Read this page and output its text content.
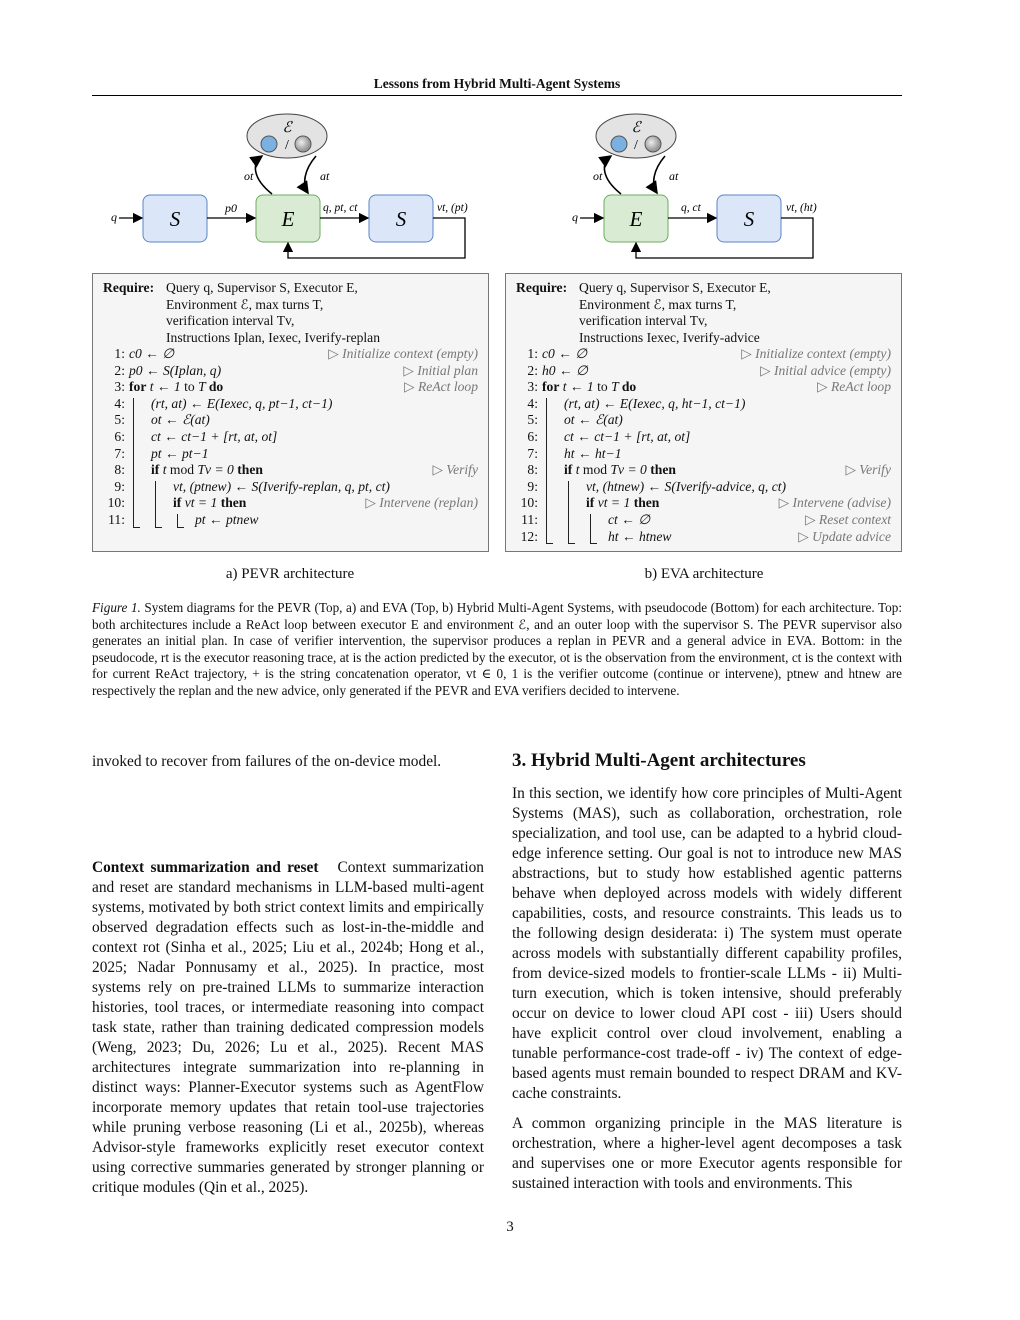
Lessons from Hybrid Multi-Agent Systems
ℰ
/
S	E	S
q
p0	q, pt, ct	vt, (pt)
ot	at
ℰ
/
E	S
q
q, ct	vt, (ht)
ot	at
Require: Query q, Supervisor S, Executor E,
Environment ℰ, max turns T,
verification interval Tv,
Instructions Iplan, Iexec, Iverify-replan
1: c0 ← ∅	▷ Initialize context (empty)
2: p0 ← S(Iplan, q)	▷ Initial plan
3: for t ← 1 to T do	▷ ReAct loop
4: (rt, at) ← E(Iexec, q, pt−1, ct−1)
5: ot ← ℰ(at)
6: ct ← ct−1 + [rt, at, ot]
7: pt ← pt−1
8: if t mod Tv = 0 then	▷ Verify
9:	vt, (ptnew) ← S(Iverify-replan, q, pt, ct)
10:	if vt = 1 then	▷ Intervene (replan)
11:	pt ← ptnew
Require: Query q, Supervisor S, Executor E,
Environment ℰ, max turns T,
verification interval Tv,
Instructions Iexec, Iverify-advice
1: c0 ← ∅	▷ Initialize context (empty)
2: h0 ← ∅	▷ Initial advice (empty)
3: for t ← 1 to T do	▷ ReAct loop
4: (rt, at) ← E(Iexec, q, ht−1, ct−1)
5: ot ← ℰ(at)
6: ct ← ct−1 + [rt, at, ot]
7: ht ← ht−1
8: if t mod Tv = 0 then	▷ Verify
9:	vt, (htnew) ← S(Iverify-advice, q, ct)
10:	if vt = 1 then	▷ Intervene (advise)
11:	ct ← ∅	▷ Reset context
12:	ht ← htnew	▷ Update advice
a) PEVR architecture	b) EVA architecture
Figure 1. System diagrams for the PEVR (Top, a) and EVA (Top, b) Hybrid Multi-Agent Systems, with pseudocode (Bottom) for each architecture. Top: both architectures include a ReAct loop between executor E and environment ℰ, and an outer loop with the supervisor S. The PEVR supervisor also generates an initial plan. In case of verifier intervention, the supervisor produces a replan in PEVR and a general advice in EVA. Bottom: in the pseudocode, rt is the executor reasoning trace, at is the action predicted by the executor, ot is the observation from the environment, ct is the context with for current ReAct trajectory, + is the string concatenation operator, vt ∈ 0, 1 is the verifier outcome (continue or intervene), ptnew and htnew are respectively the replan and the new advice, only generated if the PEVR and EVA verifiers decided to intervene.

invoked to recover from failures of the on-device model.

Context summarization and reset Context summarization and reset are standard mechanisms in LLM-based multi-agent systems, motivated by both strict context limits and empirically observed degradation effects such as lost-in-the-middle and context rot (Sinha et al., 2025; Liu et al., 2024b; Hong et al., 2025; Nadar Ponnusamy et al., 2025). In practice, most systems rely on pre-trained LLMs to summarize interaction histories, tool traces, or intermediate reasoning into compact task state, rather than training dedicated compression models (Weng, 2023; Du, 2026; Lu et al., 2025). Recent MAS architectures integrate summarization into re-planning in distinct ways: Planner-Executor systems such as AgentFlow incorporate memory updates that retain tool-use trajectories while pruning verbose reasoning (Li et al., 2025b), whereas Advisor-style frameworks explicitly reset executor context using corrective summaries generated by stronger planning or critique modules (Qin et al., 2025).

3. Hybrid Multi-Agent architectures

In this section, we identify how core principles of Multi-Agent Systems (MAS), such as collaboration, orchestration, role specialization, and tool use, can be adapted to a hybrid cloud-edge inference setting. Our goal is not to introduce new MAS abstractions, but to study how established agentic patterns behave when deployed across models with widely different capabilities, costs, and resource constraints. This leads us to the following design desiderata: i) The system must operate across models with substantially different capability profiles, from device-sized models to frontier-scale LLMs - ii) Multi-turn execution, which is token intensive, should preferably occur on device to lower cloud API cost - iii) Users should have explicit control over cloud involvement, enabling a tunable performance-cost trade-off - iv) The context of edge-based agents must remain bounded to respect DRAM and KV-cache constraints.

A common organizing principle in the MAS literature is orchestration, where a higher-level agent decomposes a task and supervises one or more Executor agents responsible for sustained interaction with tools and environments. This

3
